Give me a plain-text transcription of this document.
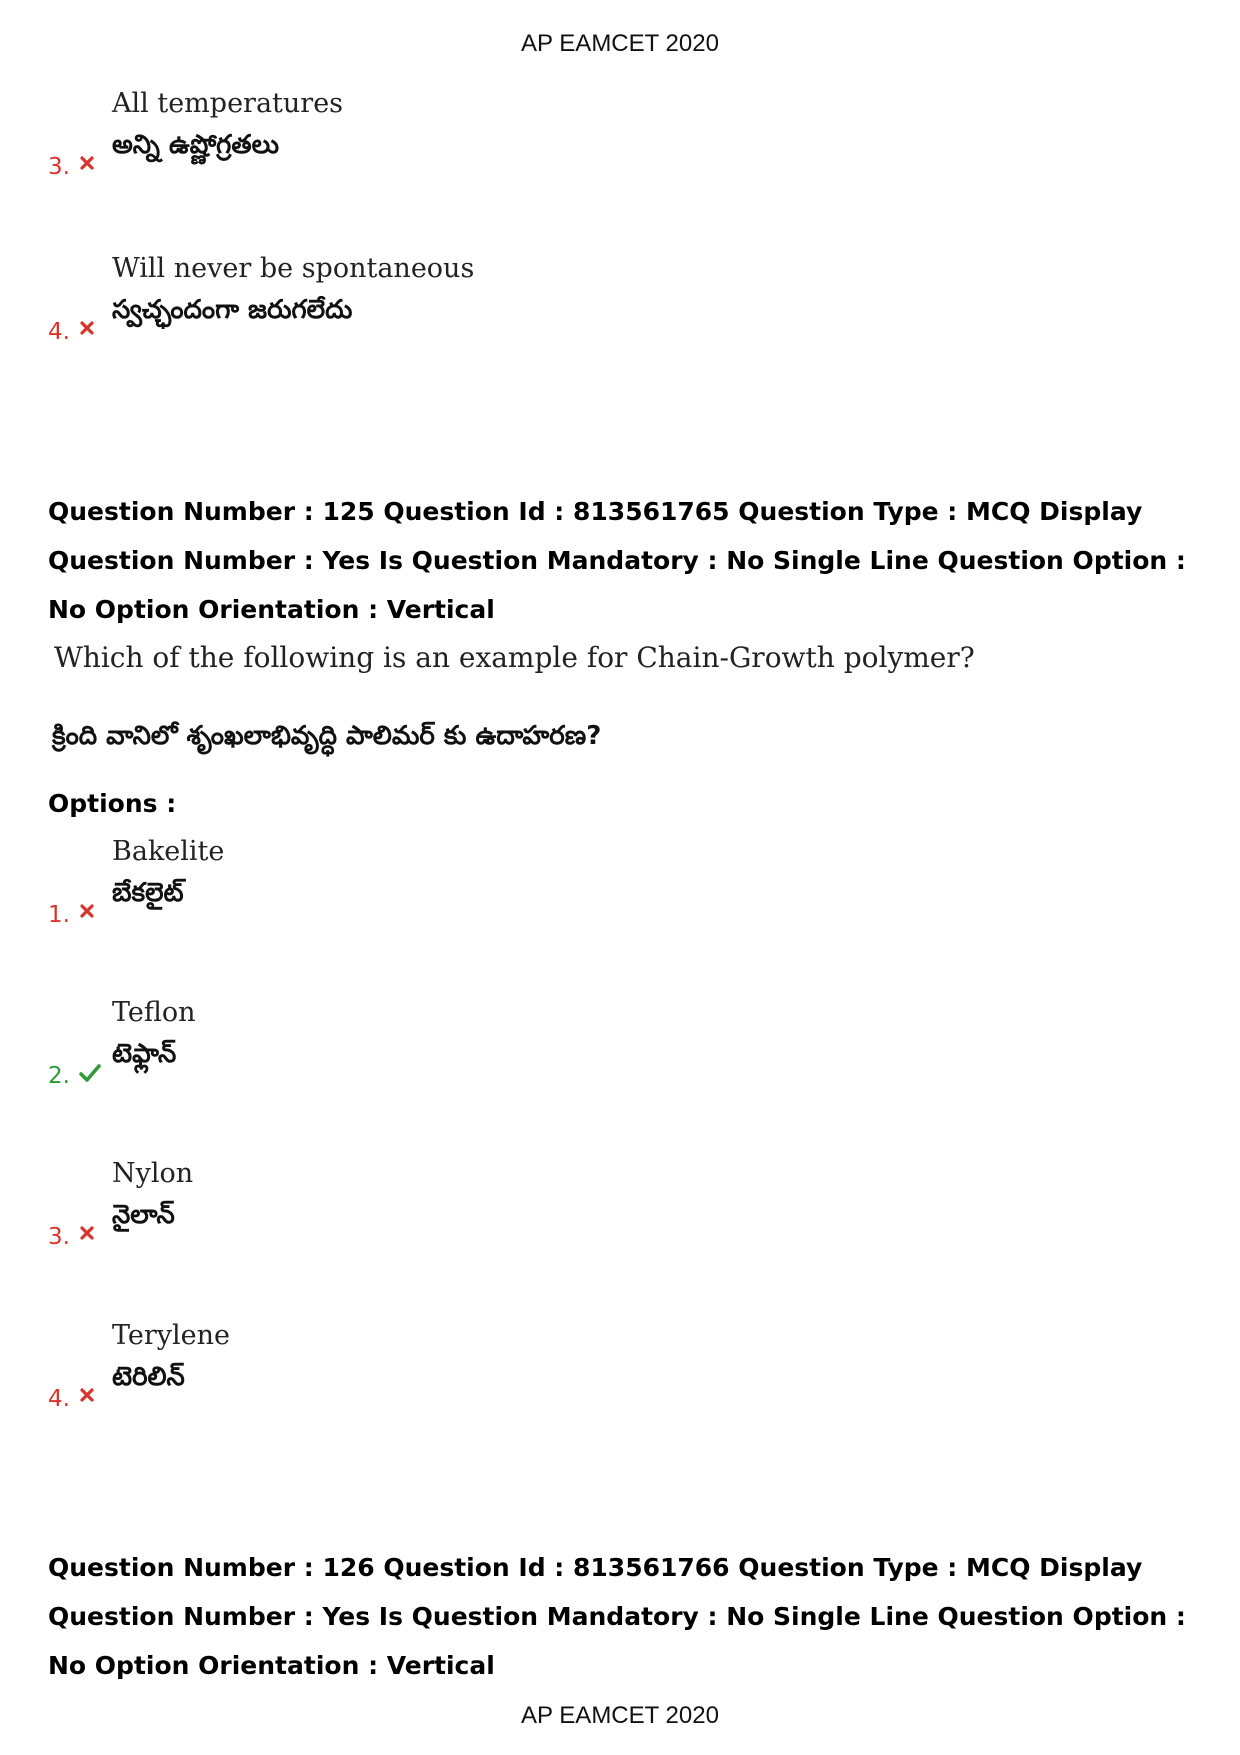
AP EAMCET 2020
3.
All temperatures
అన్ని ఉష్ణోగ్రతలు
4.
Will never be spontaneous
స్వచ్ఛందంగా జరుగలేదు
Question Number : 125 Question Id : 813561765 Question Type : MCQ Display Question Number : Yes Is Question Mandatory : No Single Line Question Option : No Option Orientation : Vertical
Which of the following is an example for Chain-Growth polymer?
క్రింది వానిలో శృంఖలాభివృద్ధి పాలిమర్ కు ఉదాహరణ?
Options :
1.
Bakelite
బేకలైట్
2.
Teflon
టెఫ్లాన్
3.
Nylon
నైలాన్
4.
Terylene
టెరిలిన్
Question Number : 126 Question Id : 813561766 Question Type : MCQ Display Question Number : Yes Is Question Mandatory : No Single Line Question Option : No Option Orientation : Vertical
AP EAMCET 2020
